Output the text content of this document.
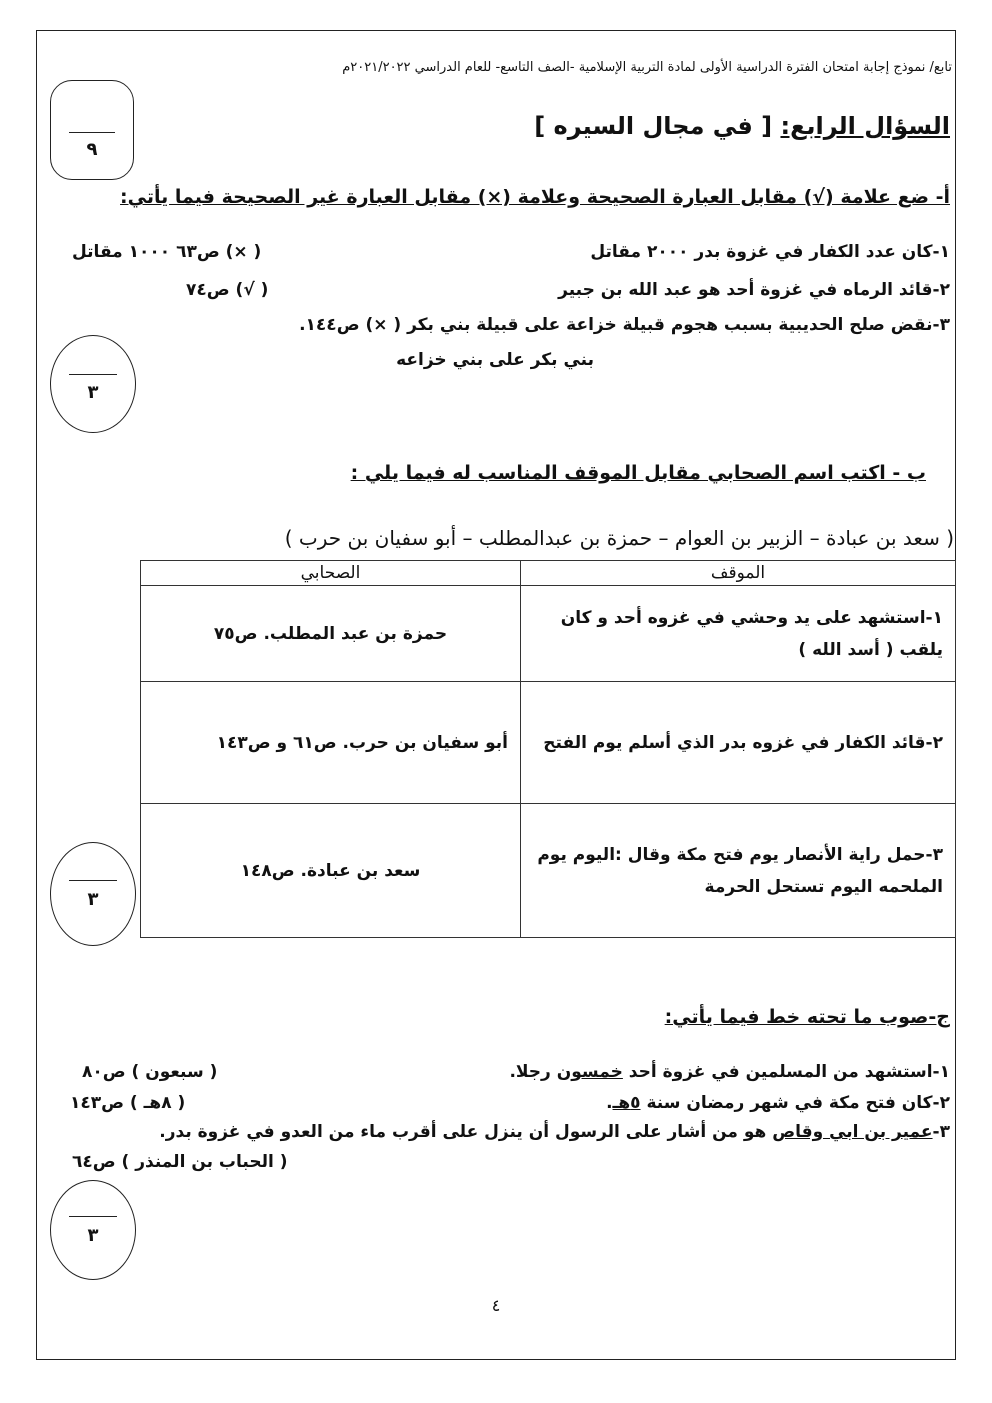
تابع/ نموذج إجابة امتحان الفترة الدراسية الأولى لمادة التربية الإسلامية -الصف التاسع- للعام الدراسي ٢٠٢١/٢٠٢٢م
٩
السؤال الرابع: [ في مجال السيره ]
أ- ضع علامة (√) مقابل العبارة الصحيحة وعلامة (×) مقابل العبارة غير الصحيحة فيما يأتي:
١-كان عدد الكفار في غزوة بدر ٢٠٠٠ مقاتل
( ×) ص٦٣ ١٠٠٠ مقاتل
٢-قائد الرماه في غزوة أحد هو عبد الله بن جبير
( √) ص٧٤
٣-نقض صلح الحديبية بسبب هجوم قبيلة خزاعة على قبيلة بني بكر ( ×) ص١٤٤.
بني بكر على بني خزاعه
٣
ب - اكتب اسم الصحابي مقابل الموقف المناسب له فيما يلي :
( سعد بن عبادة – الزبير بن العوام – حمزة بن عبدالمطلب – أبو سفيان بن حرب )
الموقف	الصحابي
١-استشهد على يد وحشي في غزوه أحد و كان يلقب ( أسد الله )	حمزة بن عبد المطلب. ص٧٥
٢-قائد الكفار في غزوه بدر الذي أسلم يوم الفتح	أبو سفيان بن حرب. ص٦١ و ص١٤٣
٣-حمل راية الأنصار يوم فتح مكة وقال :اليوم يوم الملحمه اليوم تستحل الحرمة	سعد بن عبادة. ص١٤٨
٣
ج-صوب ما تحته خط فيما يأتي:
١-استشهد من المسلمين في غزوة أحد خمسون رجلا.
( سبعون ) ص٨٠
٢-كان فتح مكة في شهر رمضان سنة ٥هـ.
( ٨هـ ) ص١٤٣
٣-عمير بن ابي وقاص هو من أشار على الرسول أن ينزل على أقرب ماء من العدو في غزوة بدر.
( الحباب بن المنذر ) ص٦٤
٣
٤
